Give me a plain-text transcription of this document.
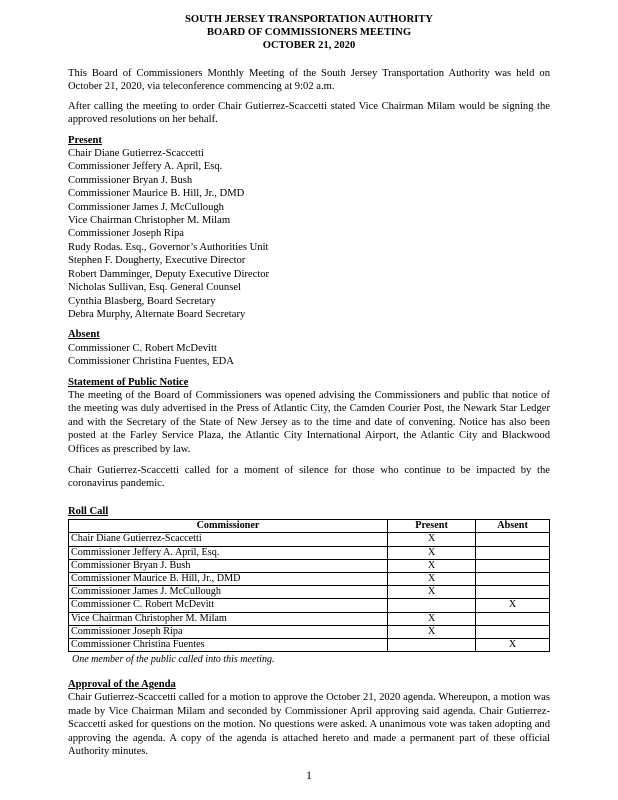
SOUTH JERSEY TRANSPORTATION AUTHORITY
BOARD OF COMMISSIONERS MEETING
OCTOBER 21, 2020

This Board of Commissioners Monthly Meeting of the South Jersey Transportation Authority was held on October 21, 2020, via teleconference commencing at 9:02 a.m.

After calling the meeting to order Chair Gutierrez-Scaccetti stated Vice Chairman Milam would be signing the approved resolutions on her behalf.

Present
Chair Diane Gutierrez-Scaccetti
Commissioner Jeffery A. April, Esq.
Commissioner Bryan J. Bush
Commissioner Maurice B. Hill, Jr., DMD
Commissioner James J. McCullough
Vice Chairman Christopher M. Milam
Commissioner Joseph Ripa
Rudy Rodas. Esq., Governor’s Authorities Unit
Stephen F. Dougherty, Executive Director
Robert Damminger, Deputy Executive Director
Nicholas Sullivan, Esq. General Counsel
Cynthia Blasberg, Board Secretary
Debra Murphy, Alternate Board Secretary
Absent
Commissioner C. Robert McDevitt
Commissioner Christina Fuentes, EDA
Statement of Public Notice

The meeting of the Board of Commissioners was opened advising the Commissioners and public that notice of the meeting was duly advertised in the Press of Atlantic City, the Camden Courier Post, the Newark Star Ledger and with the Secretary of the State of New Jersey as to the time and date of convening. Notice has also been posted at the Farley Service Plaza, the Atlantic City International Airport, the Atlantic City and Blackwood Offices as prescribed by law.

Chair Gutierrez-Scaccetti called for a moment of silence for those who continue to be impacted by the coronavirus pandemic.

Roll Call
Commissioner	Present	Absent
Chair Diane Gutierrez-Scaccetti	X	
Commissioner Jeffery A. April, Esq.	X	
Commissioner Bryan J. Bush	X	
Commissioner Maurice B. Hill, Jr., DMD	X	
Commissioner James J. McCullough	X	
Commissioner C. Robert McDevitt		X
Vice Chairman Christopher M. Milam	X	
Commissioner Joseph Ripa	X	
Commissioner Christina Fuentes		X
One member of the public called into this meeting.
Approval of the Agenda

Chair Gutierrez-Scaccetti called for a motion to approve the October 21, 2020 agenda. Whereupon, a motion was made by Vice Chairman Milam and seconded by Commissioner April approving said agenda. Chair Gutierrez-Scaccetti asked for questions on the motion. No questions were asked. A unanimous vote was taken adopting and approving the agenda. A copy of the agenda is attached hereto and made a permanent part of these official Authority minutes.

1
